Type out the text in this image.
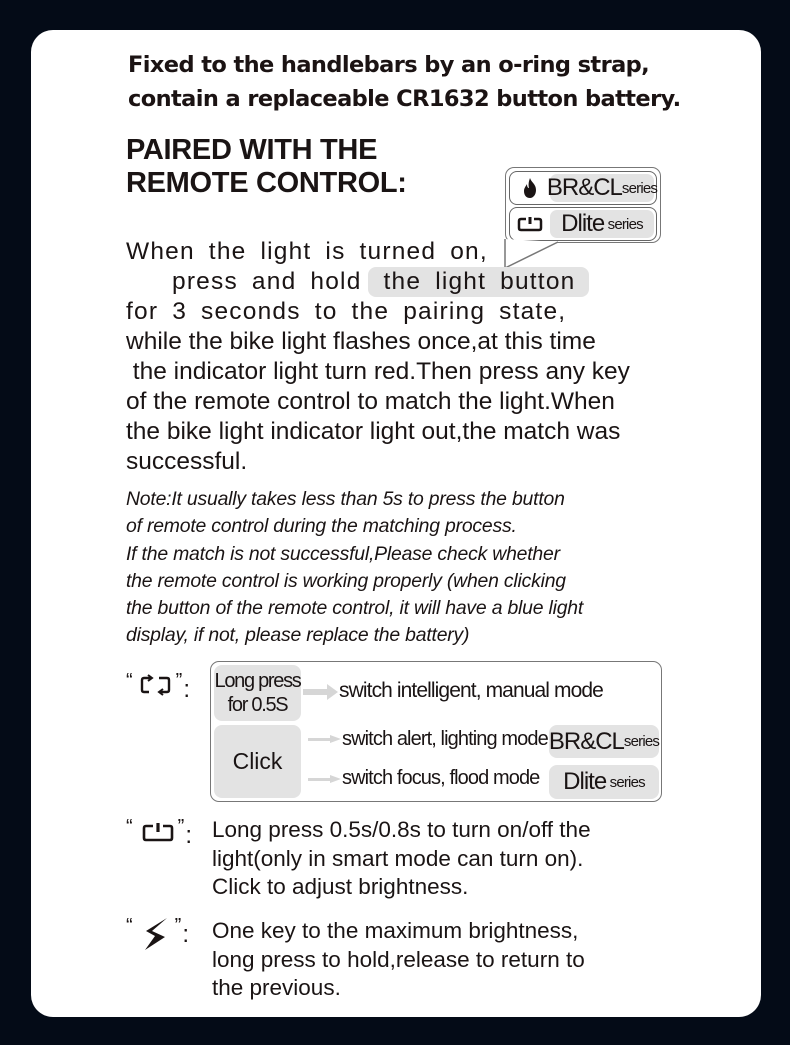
Fixed to the handlebars by an o-ring strap,
contain a replaceable CR1632 button battery.
PAIRED WITH THE
REMOTE CONTROL:	BR&CL series
Dlite
series
When the light is turned on,
press and hold the light button
for 3 seconds to the pairing state,
while the bike light flashes once,at this time
the indicator light turn red.Then press any key
of the remote control to match the light.When
the bike light indicator light out,the match was
successful.
Note:It usually takes less than 5s to press the button
of remote control during the matching process.
If the match is not successful,Please check whether
the remote control is working properly (when clicking
the button of the remote control, it will have a blue light
display, if not, please replace the battery)
“ ” : Long press
for 0.5S
switch intelligent, manual mode
Click
switch alert, lighting mode BR&CL series
switch focus, flood mode Dlite
series
“ ” : Long press 0.5s/0.8s to turn on/off the
light(only in smart mode can turn on).
Click to adjust brightness.
“ ” : One key to the maximum brightness,
long press to hold,release to return to
the previous.
